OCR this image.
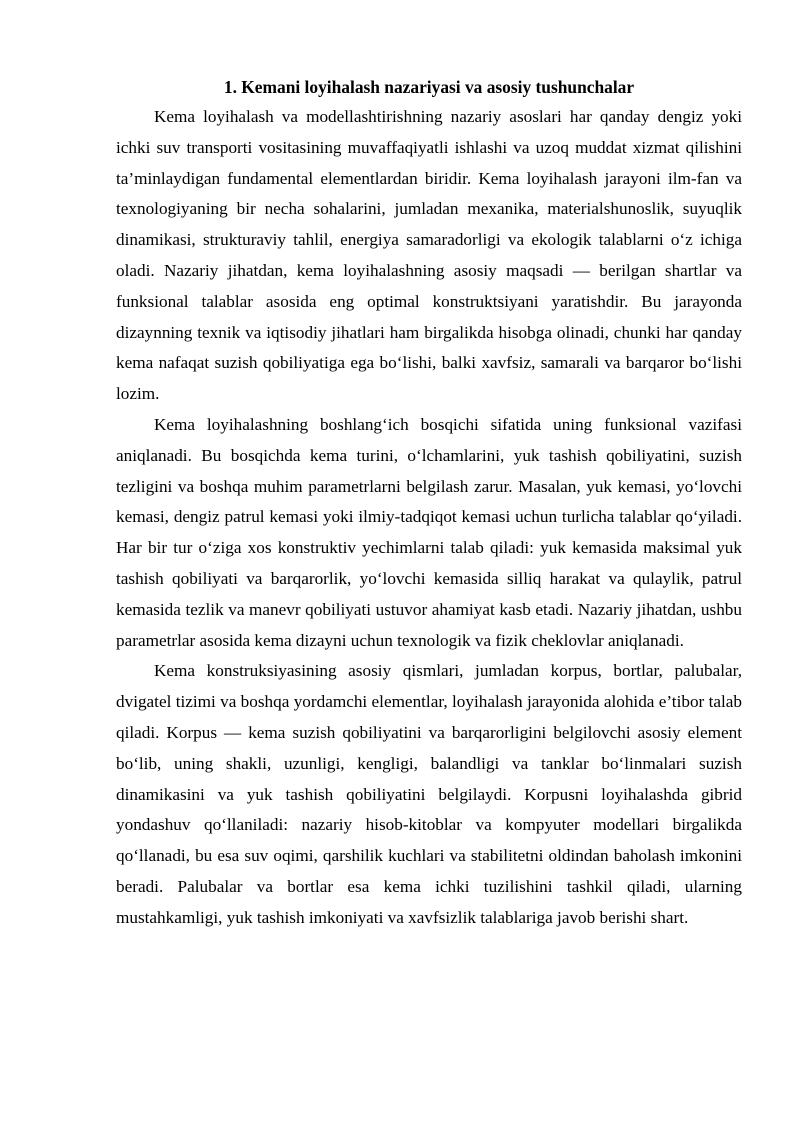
1. Kemani loyihalash nazariyasi va asosiy tushunchalar

Kema loyihalash va modellashtirishning nazariy asoslari har qanday dengiz yoki ichki suv transporti vositasining muvaffaqiyatli ishlashi va uzoq muddat xizmat qilishini ta’minlaydigan fundamental elementlardan biridir. Kema loyihalash jarayoni ilm-fan va texnologiyaning bir necha sohalarini, jumladan mexanika, materialshunoslik, suyuqlik dinamikasi, strukturaviy tahlil, energiya samaradorligi va ekologik talablarni o‘z ichiga oladi. Nazariy jihatdan, kema loyihalashning asosiy maqsadi — berilgan shartlar va funksional talablar asosida eng optimal konstruktsiyani yaratishdir. Bu jarayonda dizaynning texnik va iqtisodiy jihatlari ham birgalikda hisobga olinadi, chunki har qanday kema nafaqat suzish qobiliyatiga ega bo‘lishi, balki xavfsiz, samarali va barqaror bo‘lishi lozim.

Kema loyihalashning boshlang‘ich bosqichi sifatida uning funksional vazifasi aniqlanadi. Bu bosqichda kema turini, o‘lchamlarini, yuk tashish qobiliyatini, suzish tezligini va boshqa muhim parametrlarni belgilash zarur. Masalan, yuk kemasi, yo‘lovchi kemasi, dengiz patrul kemasi yoki ilmiy-tadqiqot kemasi uchun turlicha talablar qo‘yiladi. Har bir tur o‘ziga xos konstruktiv yechimlarni talab qiladi: yuk kemasida maksimal yuk tashish qobiliyati va barqarorlik, yo‘lovchi kemasida silliq harakat va qulaylik, patrul kemasida tezlik va manevr qobiliyati ustuvor ahamiyat kasb etadi. Nazariy jihatdan, ushbu parametrlar asosida kema dizayni uchun texnologik va fizik cheklovlar aniqlanadi.

Kema konstruksiyasining asosiy qismlari, jumladan korpus, bortlar, palubalar, dvigatel tizimi va boshqa yordamchi elementlar, loyihalash jarayonida alohida e’tibor talab qiladi. Korpus — kema suzish qobiliyatini va barqarorligini belgilovchi asosiy element bo‘lib, uning shakli, uzunligi, kengligi, balandligi va tanklar bo‘linmalari suzish dinamikasini va yuk tashish qobiliyatini belgilaydi. Korpusni loyihalashda gibrid yondashuv qo‘llaniladi: nazariy hisob-kitoblar va kompyuter modellari birgalikda qo‘llanadi, bu esa suv oqimi, qarshilik kuchlari va stabilitetni oldindan baholash imkonini beradi. Palubalar va bortlar esa kema ichki tuzilishini tashkil qiladi, ularning mustahkamligi, yuk tashish imkoniyati va xavfsizlik talablariga javob berishi shart.
